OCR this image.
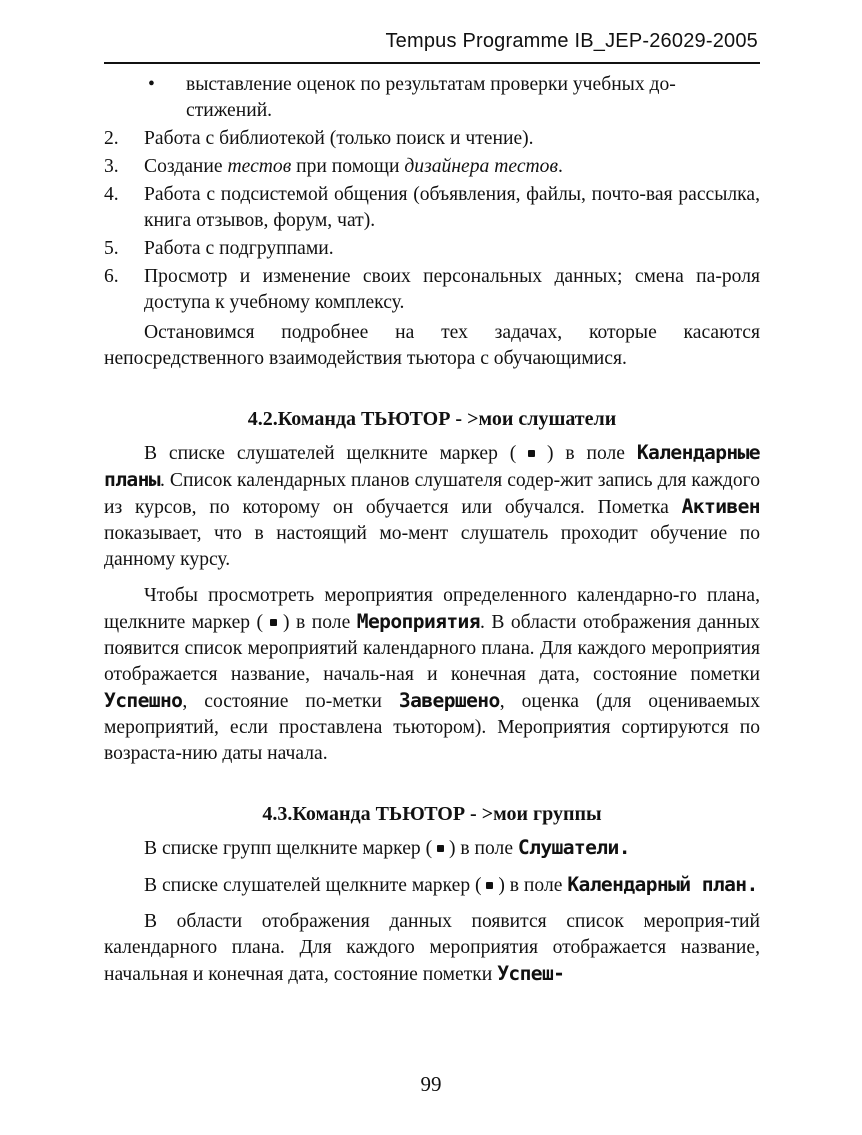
Tempus Programme IB_JEP-26029-2005
•	выставление оценок по результатам проверки учебных до-
стижений.
2. Работа с библиотекой (только поиск и чтение).
3. Создание тестов при помощи дизайнера тестов.
4. Работа с подсистемой общения (объявления, файлы, почто-вая рассылка, книга отзывов, форум, чат).
5. Работа с подгруппами.
6. Просмотр и изменение своих персональных данных; смена па-роля доступа к учебному комплексу.

Остановимся подробнее на тех задачах, которые касаются непосредственного взаимодействия тьютора с обучающимися.

4.2.Команда ТЬЮТОР - >мои слушатели

В списке слушателей щелкните маркер ( ) в поле Календарные планы. Список календарных планов слушателя содер-жит запись для каждого из курсов, по которому он обучается или обучался. Пометка Активен показывает, что в настоящий мо-мент слушатель проходит обучение по данному курсу.

Чтобы просмотреть мероприятия определенного календарно-го плана, щелкните маркер ( ) в поле Мероприятия. В области отображения данных появится список мероприятий календарного плана. Для каждого мероприятия отображается название, началь-ная и конечная дата, состояние пометки Успешно, состояние по-метки Завершено, оценка (для оцениваемых мероприятий, если проставлена тьютором). Мероприятия сортируются по возраста-нию даты начала.

4.3.Команда ТЬЮТОР - >мои группы

В списке групп щелкните маркер ( ) в поле Слушатели.

В списке слушателей щелкните маркер ( ) в поле Календарный план.

В области отображения данных появится список мероприя-тий календарного плана. Для каждого мероприятия отображается название, начальная и конечная дата, состояние пометки Успеш-

99
